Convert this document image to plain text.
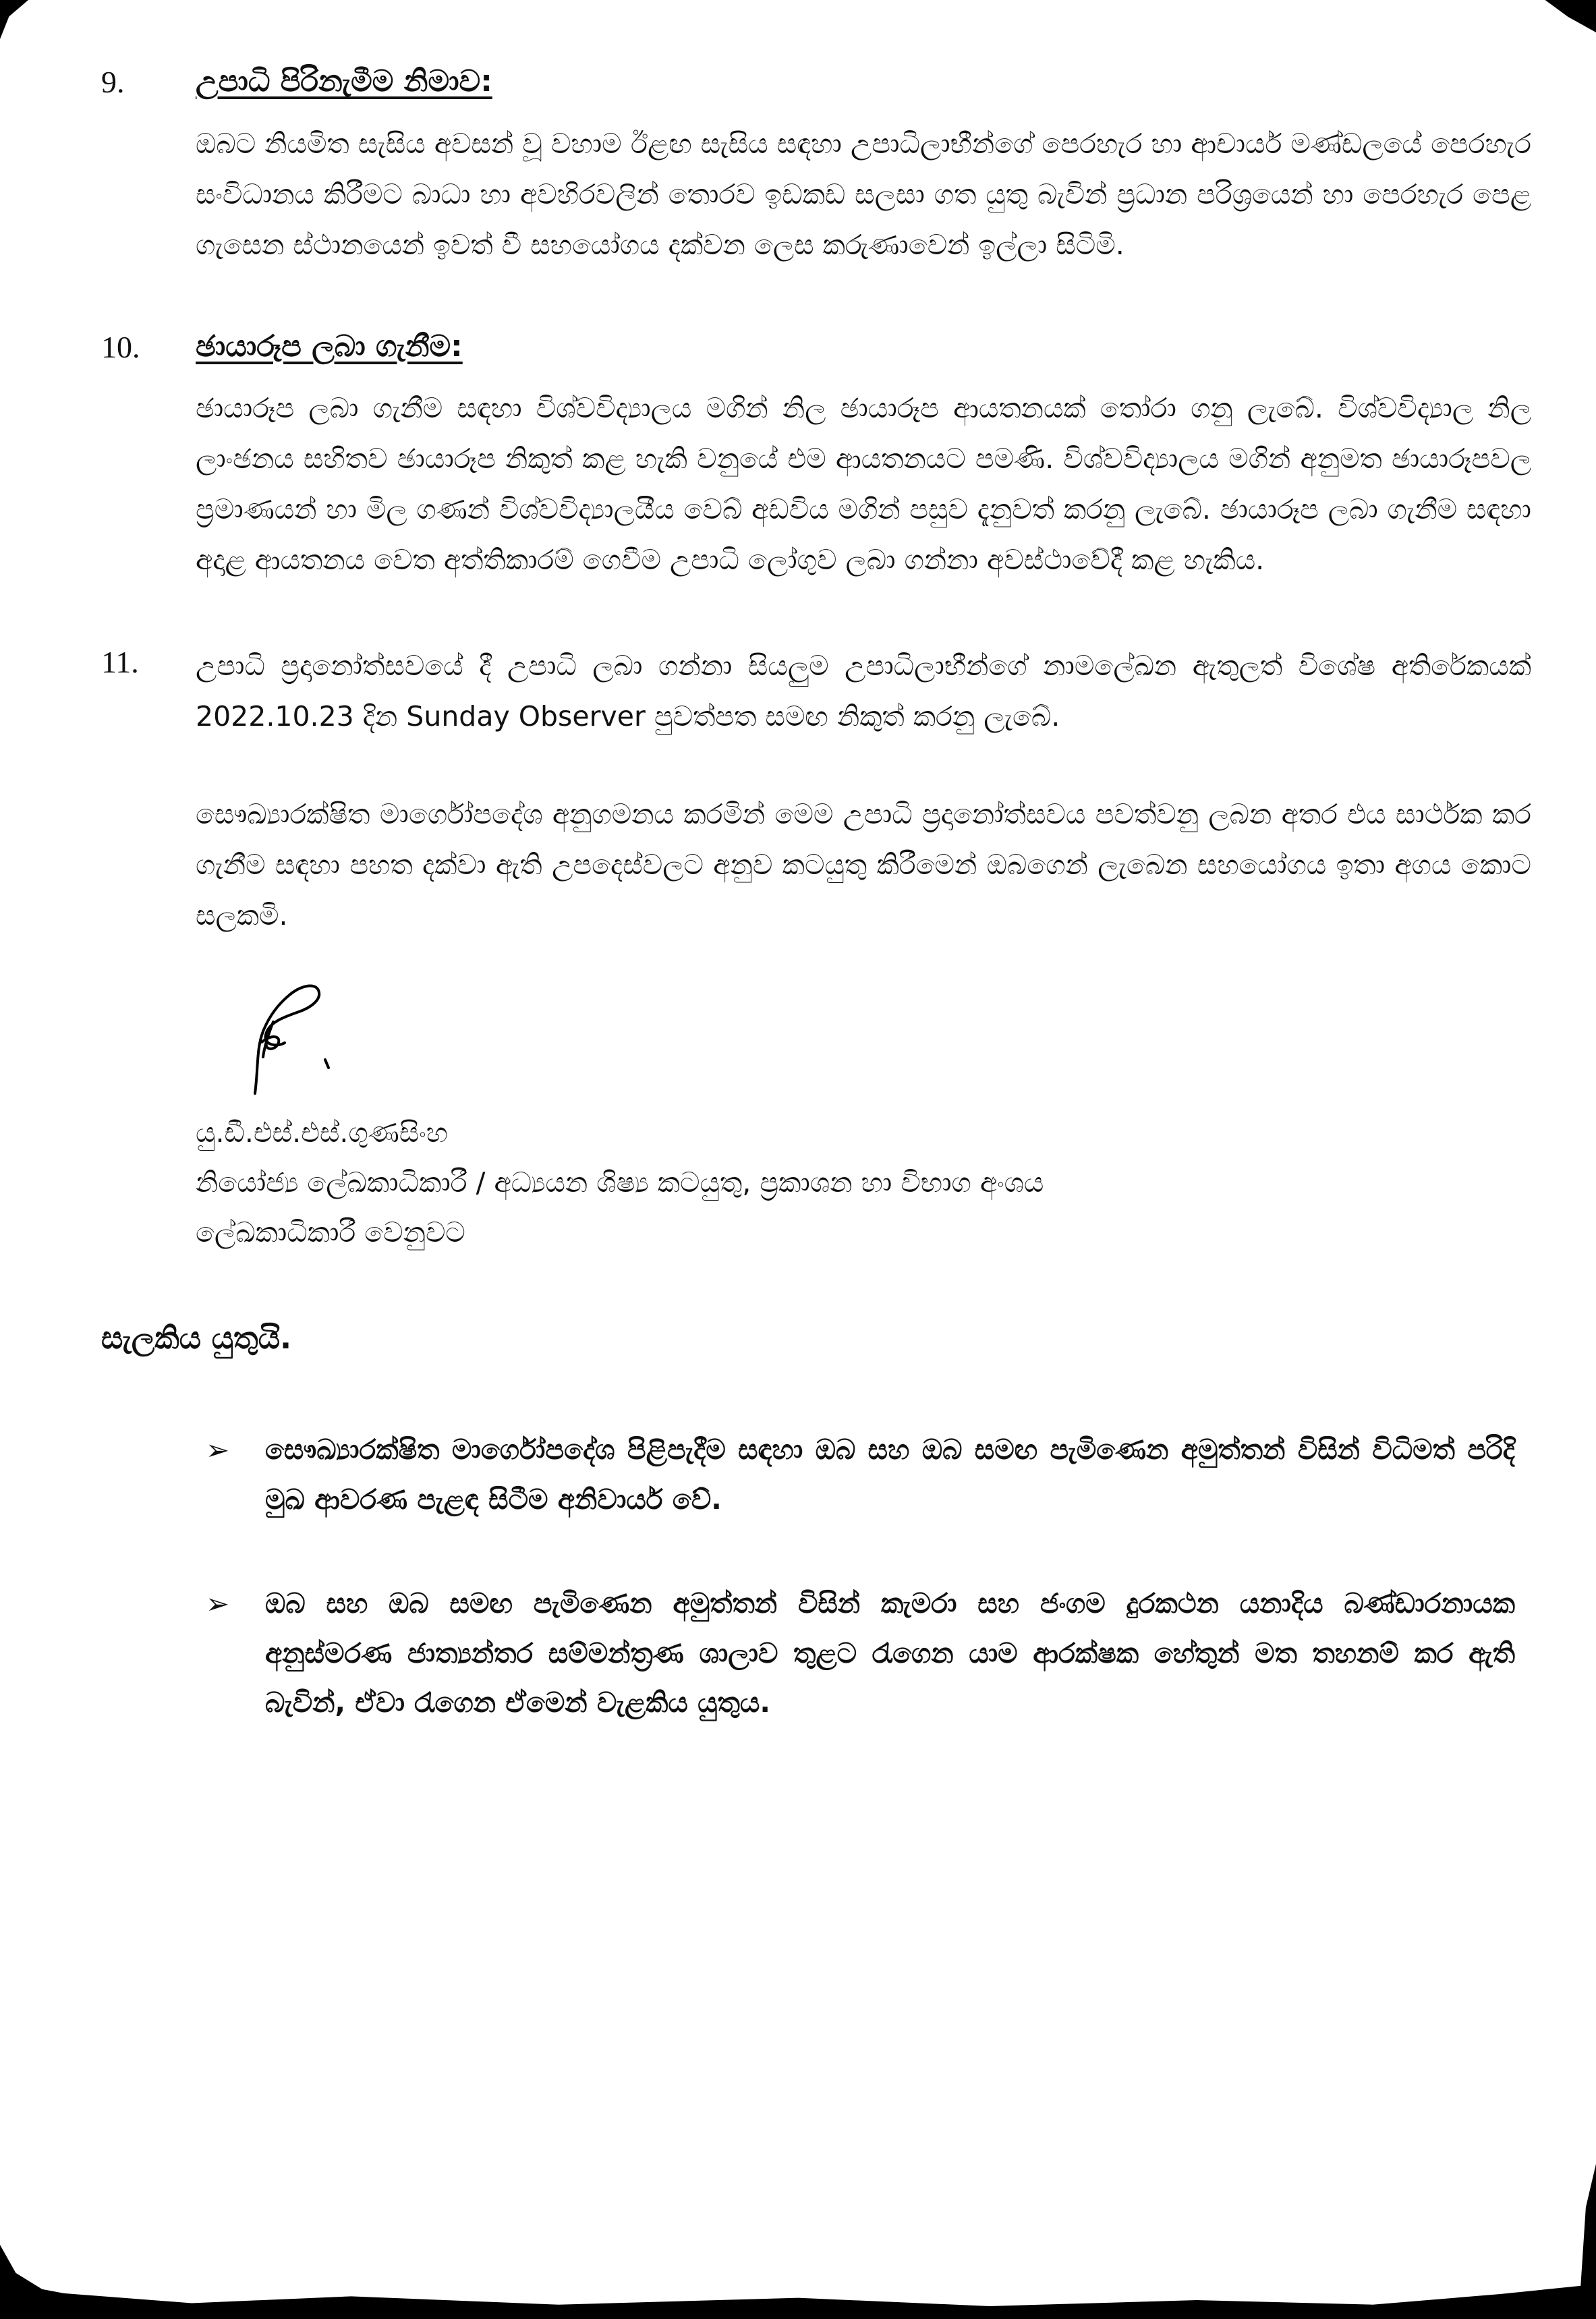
9.	උපාධි පිරිනැමීම නිමාව:

ඔබට නියමිත සැසිය අවසන් වූ වහාම ඊළඟ සැසිය සඳහා උපාධිලාභීන්ගේ පෙරහැර හා ආචාර්ය මණ්ඩලයේ පෙරහැර සංවිධානය කිරීමට බාධා හා අවහිරවලින් තොරව ඉඩකඩ සලසා ගත යුතු බැවින් ප්‍රධාන පරිශ්‍රයෙන් හා පෙරහැර පෙළ ගැසෙන ස්ථානයෙන් ඉවත් වී සහයෝගය දක්වන ලෙස කරුණාවෙන් ඉල්ලා සිටිමි.

10.	ඡායාරූප ලබා ගැනීම:

ඡායාරූප ලබා ගැනීම සඳහා විශ්වවිද්‍යාලය මගින් නිල ඡායාරූප ආයතනයක් තෝරා ගනු ලැබේ. විශ්වවිද්‍යාල නිල ලාංඡනය සහිතව ඡායාරූප නිකුත් කළ හැකි වනුයේ එම ආයතනයට පමණි. විශ්වවිද්‍යාලය මගින් අනුමත ඡායාරූපවල ප්‍රමාණයන් හා මිල ගණන් විශ්වවිද්‍යාලයීය වෙබ් අඩවිය මගින් පසුව දැනුවත් කරනු ලැබේ. ඡායාරූප ලබා ගැනීම සඳහා අදාළ ආයතනය වෙත අත්තිකාරම් ගෙවීම උපාධි ලෝගුව ලබා ගන්නා අවස්ථාවේදී කළ හැකිය.

11.	උපාධි ප්‍රදානෝත්සවයේ දී උපාධි ලබා ගන්නා සියලුම උපාධිලාභීන්ගේ නාමලේඛන ඇතුලත් විශේෂ අතිරේකයක් 2022.10.23 දින Sunday Observer පුවත්පත සමඟ නිකුත් කරනු ලැබේ.

සෞඛ්‍යාරක්ෂිත මාර්ගෝපදේශ අනුගමනය කරමින් මෙම උපාධි ප්‍රදානෝත්සවය පවත්වනු ලබන අතර එය සාර්ථක කර ගැනීම සඳහා පහත දක්වා ඇති උපදෙස්වලට අනුව කටයුතු කිරීමෙන් ඔබගෙන් ලැබෙන සහයෝගය ඉතා අගය කොට සලකමි.

යු.ඩී.එස්.එස්.ගුණසිංහ
නියෝජ්‍ය ලේඛකාධිකාරී / අධ්‍යයන ශිෂ්‍ය කටයුතු, ප්‍රකාශන හා විභාග අංශය
ලේඛකාධිකාරී වෙනුවට
සැලකිය යුතුයි.
➢	සෞඛ්‍යාරක්ෂිත මාර්ගෝපදේශ පිළිපැදීම සඳහා ඔබ සහ ඔබ සමඟ පැමිණෙන අමුත්තන් විසින් විධිමත් පරිදි මුඛ ආවරණ පැළඳ සිටීම අනිවාර්ය වේ.

➢	ඔබ සහ ඔබ සමඟ පැමිණෙන අමුත්තන් විසින් කැමරා සහ ජංගම දුරකථන යනාදිය බණ්ඩාරනායක අනුස්මරණ ජාත්‍යන්තර සම්මන්ත්‍රණ ශාලාව තුළට රැගෙන යාම ආරක්ෂක හේතුන් මත තහනම් කර ඇති බැවින්, ඒවා රැගෙන ඒමෙන් වැළකිය යුතුය.
